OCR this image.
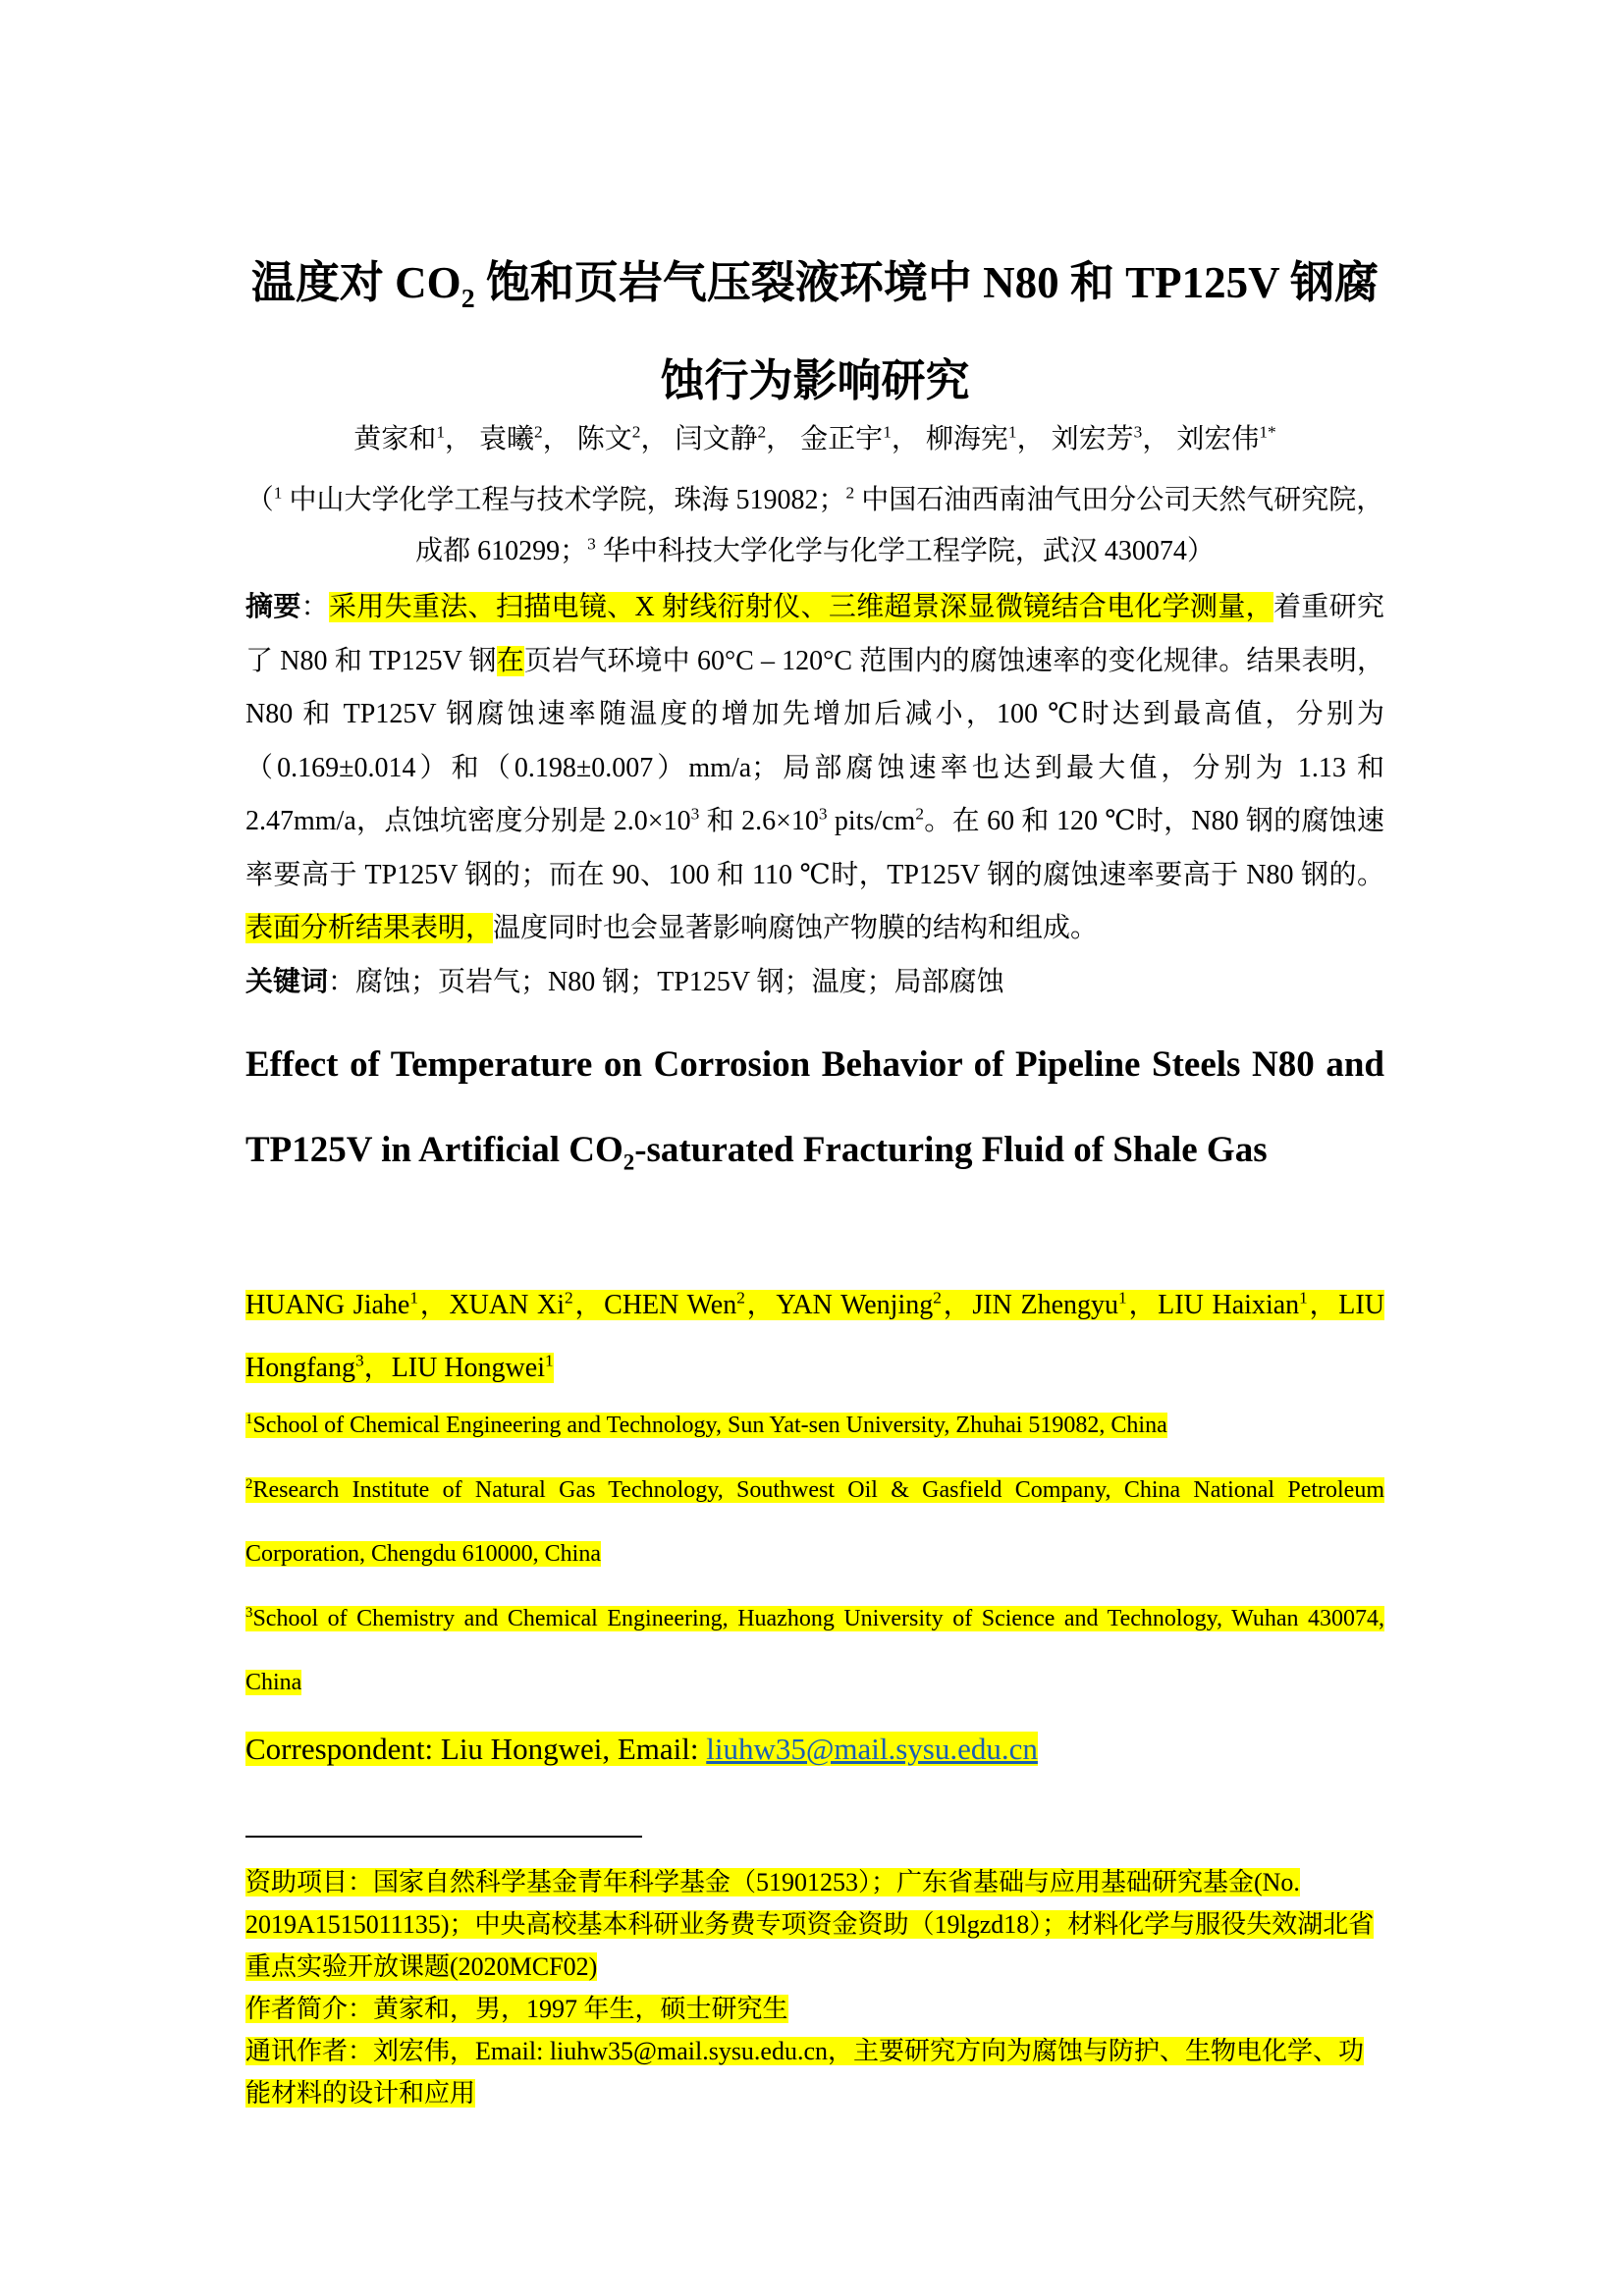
温度对 $CO_2$ 饱和页岩气压裂液环境中 N80 和 TP125V 钢腐蚀行为影响研究
黄家和$^1$， 袁曦$^2$， 陈文$^2$， 闫文静$^2$， 金正宇$^1$， 柳海宪$^1$， 刘宏芳$^3$， 刘宏伟$^{1*}$
（$^1$ 中山大学化学工程与技术学院，珠海 519082；$^2$ 中国石油西南油气田分公司天然气研究院，成都 610299；$^3$ 华中科技大学化学与化学工程学院，武汉 430074）
摘要：采用失重法、扫描电镜、X 射线衍射仪、三维超景深显微镜结合电化学测量，着重研究了 N80 和 TP125V 钢在页岩气环境中 60°C – 120°C 范围内的腐蚀速率的变化规律。结果表明，N80 和 TP125V 钢腐蚀速率随温度的增加先增加后减小，100 ℃时达到最高值，分别为（0.169±0.014）和（0.198±0.007）mm/a；局部腐蚀速率也达到最大值，分别为 1.13 和 2.47mm/a，点蚀坑密度分别是 $2.0\times 10^3$ 和 $2.6\times 10^3$ pits/$cm^2$。在 60 和 120 ℃时，N80 钢的腐蚀速率要高于 TP125V 钢的；而在 90、100 和 110 ℃时，TP125V 钢的腐蚀速率要高于 N80 钢的。表面分析结果表明，温度同时也会显著影响腐蚀产物膜的结构和组成。
关键词：腐蚀；页岩气；N80 钢；TP125V 钢；温度；局部腐蚀
Effect of Temperature on Corrosion Behavior of Pipeline Steels N80 and TP125V in Artificial $CO_2$-saturated Fracturing Fluid of Shale Gas
HUANG Jiahe$^1$，XUAN Xi$^2$，CHEN Wen$^2$，YAN Wenjing$^2$，JIN Zhengyu$^1$，LIU Haixian$^1$，LIU Hongfang$^3$，LIU Hongwei$^1$
$^1$School of Chemical Engineering and Technology, Sun Yat-sen University, Zhuhai 519082, China
$^2$Research Institute of Natural Gas Technology, Southwest Oil & Gasfield Company, China National Petroleum Corporation, Chengdu 610000, China
$^3$School of Chemistry and Chemical Engineering, Huazhong University of Science and Technology, Wuhan 430074, China
Correspondent: Liu Hongwei, Email: liuhw35@mail.sysu.edu.cn
资助项目：国家自然科学基金青年科学基金（51901253）；广东省基础与应用基础研究基金(No. 2019A1515011135)；中央高校基本科研业务费专项资金资助（19lgzd18）；材料化学与服役失效湖北省重点实验开放课题(2020MCF02)
作者简介：黄家和，男，1997 年生，硕士研究生
通讯作者：刘宏伟，Email: liuhw35@mail.sysu.edu.cn，主要研究方向为腐蚀与防护、生物电化学、功能材料的设计和应用
